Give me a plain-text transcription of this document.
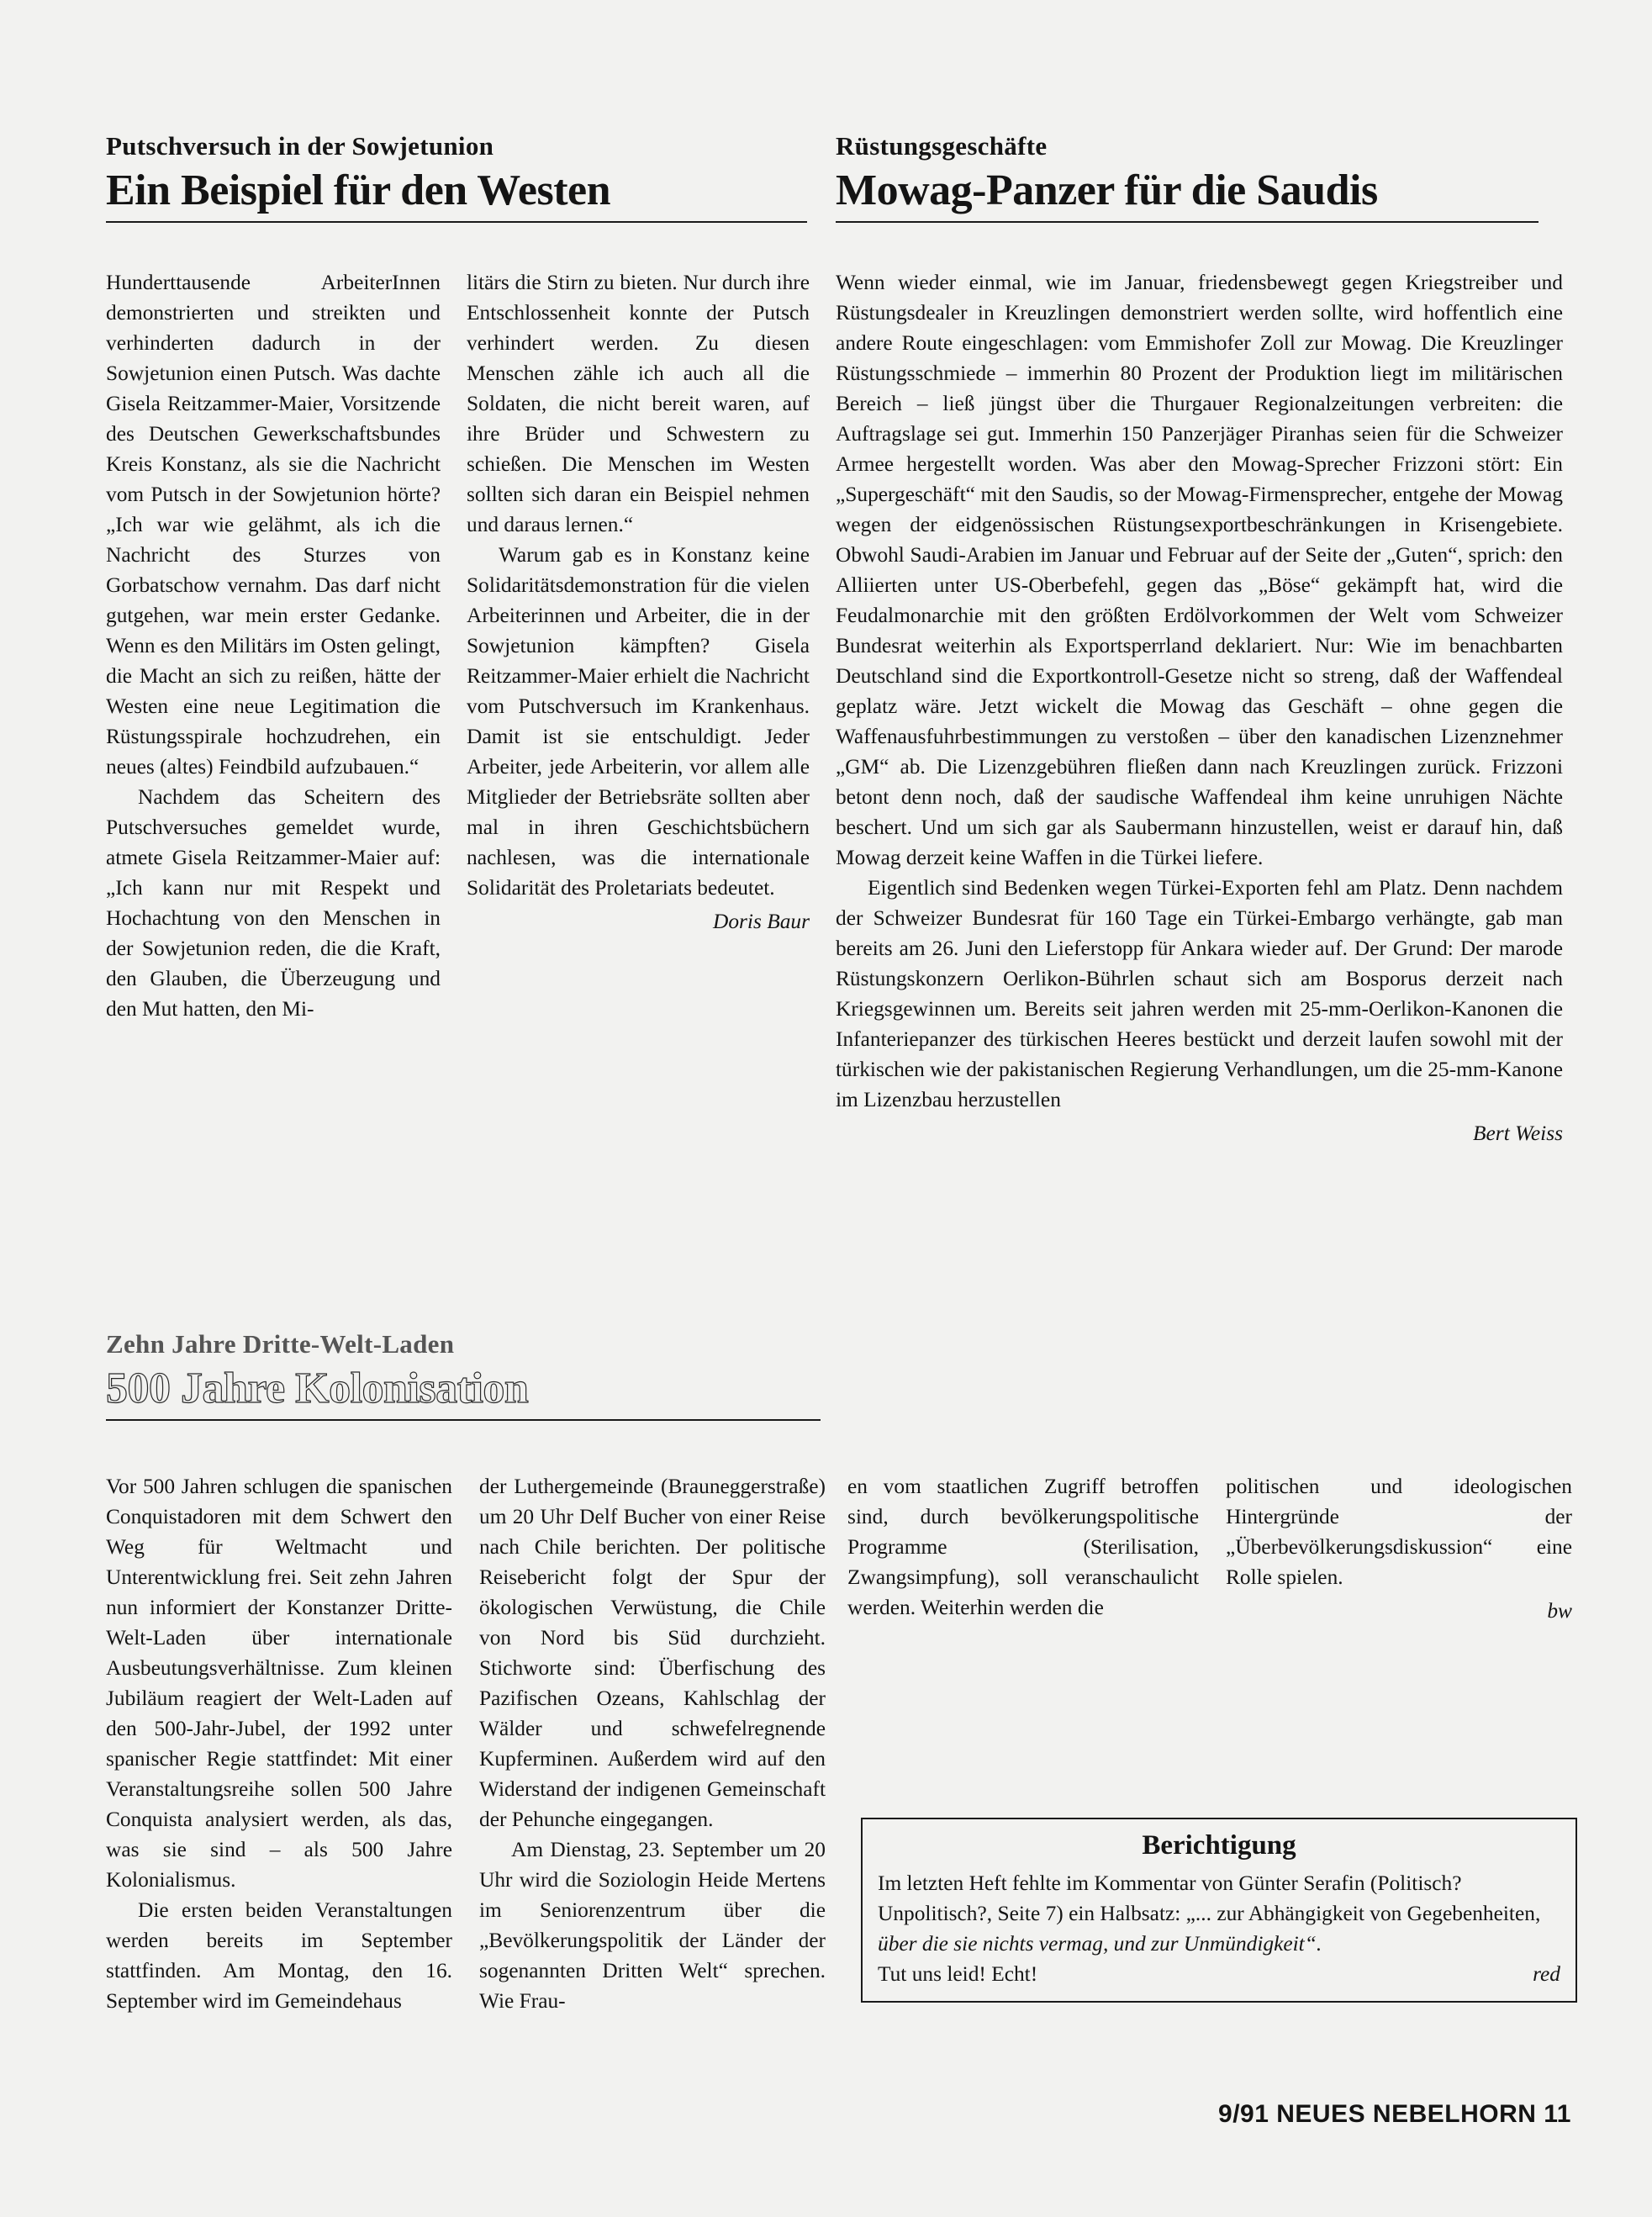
Putschversuch in der Sowjetunion
Ein Beispiel für den Westen

Hunderttausende ArbeiterInnen demonstrierten und streikten und verhinderten dadurch in der Sowjetunion einen Putsch. Was dachte Gisela Reitzammer-Maier, Vorsitzende des Deutschen Gewerkschaftsbundes Kreis Konstanz, als sie die Nachricht vom Putsch in der Sowjetunion hörte? „Ich war wie gelähmt, als ich die Nachricht des Sturzes von Gorbatschow vernahm. Das darf nicht gutgehen, war mein erster Gedanke. Wenn es den Militärs im Osten gelingt, die Macht an sich zu reißen, hätte der Westen eine neue Legitimation die Rüstungsspirale hochzudrehen, ein neues (altes) Feindbild aufzubauen.“

Nachdem das Scheitern des Putschversuches gemeldet wurde, atmete Gisela Reitzammer-Maier auf: „Ich kann nur mit Respekt und Hochachtung von den Menschen in der Sowjetunion reden, die die Kraft, den Glauben, die Überzeugung und den Mut hatten, den Mi-

litärs die Stirn zu bieten. Nur durch ihre Entschlossenheit konnte der Putsch verhindert werden. Zu diesen Menschen zähle ich auch all die Soldaten, die nicht bereit waren, auf ihre Brüder und Schwestern zu schießen. Die Menschen im Westen sollten sich daran ein Beispiel nehmen und daraus lernen.“

Warum gab es in Konstanz keine Solidaritätsdemonstration für die vielen Arbeiterinnen und Arbeiter, die in der Sowjetunion kämpften? Gisela Reitzammer-Maier erhielt die Nachricht vom Putschversuch im Krankenhaus. Damit ist sie entschuldigt. Jeder Arbeiter, jede Arbeiterin, vor allem alle Mitglieder der Betriebsräte sollten aber mal in ihren Geschichtsbüchern nachlesen, was die internationale Solidarität des Proletariats bedeutet.

Doris Baur
Rüstungsgeschäfte
Mowag-Panzer für die Saudis

Wenn wieder einmal, wie im Januar, friedensbewegt gegen Kriegstreiber und Rüstungsdealer in Kreuzlingen demonstriert werden sollte, wird hoffentlich eine andere Route eingeschlagen: vom Emmishofer Zoll zur Mowag. Die Kreuzlinger Rüstungsschmiede – immerhin 80 Prozent der Produktion liegt im militärischen Bereich – ließ jüngst über die Thurgauer Regionalzeitungen verbreiten: die Auftragslage sei gut. Immerhin 150 Panzerjäger Piranhas seien für die Schweizer Armee hergestellt worden. Was aber den Mowag-Sprecher Frizzoni stört: Ein „Supergeschäft“ mit den Saudis, so der Mowag-Firmensprecher, entgehe der Mowag wegen der eidgenössischen Rüstungsexportbeschränkungen in Krisengebiete. Obwohl Saudi-Arabien im Januar und Februar auf der Seite der „Guten“, sprich: den Alliierten unter US-Oberbefehl, gegen das „Böse“ gekämpft hat, wird die Feudalmonarchie mit den größten Erdölvorkommen der Welt vom Schweizer Bundesrat weiterhin als Exportsperrland deklariert. Nur: Wie im benachbarten Deutschland sind die Exportkontroll-Gesetze nicht so streng, daß der Waffendeal geplatz wäre. Jetzt wickelt die Mowag das Geschäft – ohne gegen die Waffenausfuhrbestimmungen zu verstoßen – über den kanadischen Lizenznehmer „GM“ ab. Die Lizenzgebühren fließen dann nach Kreuzlingen zurück. Frizzoni betont denn noch, daß der saudische Waffendeal ihm keine unruhigen Nächte beschert. Und um sich gar als Saubermann hinzustellen, weist er darauf hin, daß Mowag derzeit keine Waffen in die Türkei liefere.

Eigentlich sind Bedenken wegen Türkei-Exporten fehl am Platz. Denn nachdem der Schweizer Bundesrat für 160 Tage ein Türkei-Embargo verhängte, gab man bereits am 26. Juni den Lieferstopp für Ankara wieder auf. Der Grund: Der marode Rüstungskonzern Oerlikon-Bührlen schaut sich am Bosporus derzeit nach Kriegsgewinnen um. Bereits seit jahren werden mit 25-mm-Oerlikon-Kanonen die Infanteriepanzer des türkischen Heeres bestückt und derzeit laufen sowohl mit der türkischen wie der pakistanischen Regierung Verhandlungen, um die 25-mm-Kanone im Lizenzbau herzustellen

Bert Weiss
Zehn Jahre Dritte-Welt-Laden
500 Jahre Kolonisation

Vor 500 Jahren schlugen die spanischen Conquistadoren mit dem Schwert den Weg für Weltmacht und Unterentwicklung frei. Seit zehn Jahren nun informiert der Konstanzer Dritte-Welt-Laden über internationale Ausbeutungsverhältnisse. Zum kleinen Jubiläum reagiert der Welt-Laden auf den 500-Jahr-Jubel, der 1992 unter spanischer Regie stattfindet: Mit einer Veranstaltungsreihe sollen 500 Jahre Conquista analysiert werden, als das, was sie sind – als 500 Jahre Kolonialismus.

Die ersten beiden Veranstaltungen werden bereits im September stattfinden. Am Montag, den 16. September wird im Gemeindehaus

der Luthergemeinde (Brauneggerstraße) um 20 Uhr Delf Bucher von einer Reise nach Chile berichten. Der politische Reisebericht folgt der Spur der ökologischen Verwüstung, die Chile von Nord bis Süd durchzieht. Stichworte sind: Überfischung des Pazifischen Ozeans, Kahlschlag der Wälder und schwefelregnende Kupferminen. Außerdem wird auf den Widerstand der indigenen Gemeinschaft der Pehunche eingegangen.

Am Dienstag, 23. September um 20 Uhr wird die Soziologin Heide Mertens im Seniorenzentrum über die „Bevölkerungspolitik der Länder der sogenannten Dritten Welt“ sprechen. Wie Frau-

en vom staatlichen Zugriff betroffen sind, durch bevölkerungspolitische Programme (Sterilisation, Zwangsimpfung), soll veranschaulicht werden. Weiterhin werden die

politischen und ideologischen Hintergründe der „Überbevölkerungsdiskussion“ eine Rolle spielen.

bw
Berichtigung
Im letzten Heft fehlte im Kommentar von Günter Serafin (Politisch? Unpolitisch?, Seite 7) ein Halbsatz: „... zur Abhängigkeit von Gegebenheiten, über die sie nichts vermag, und zur Unmündigkeit“.
Tut uns leid! Echt!	red
9/91 NEUES NEBELHORN 11
